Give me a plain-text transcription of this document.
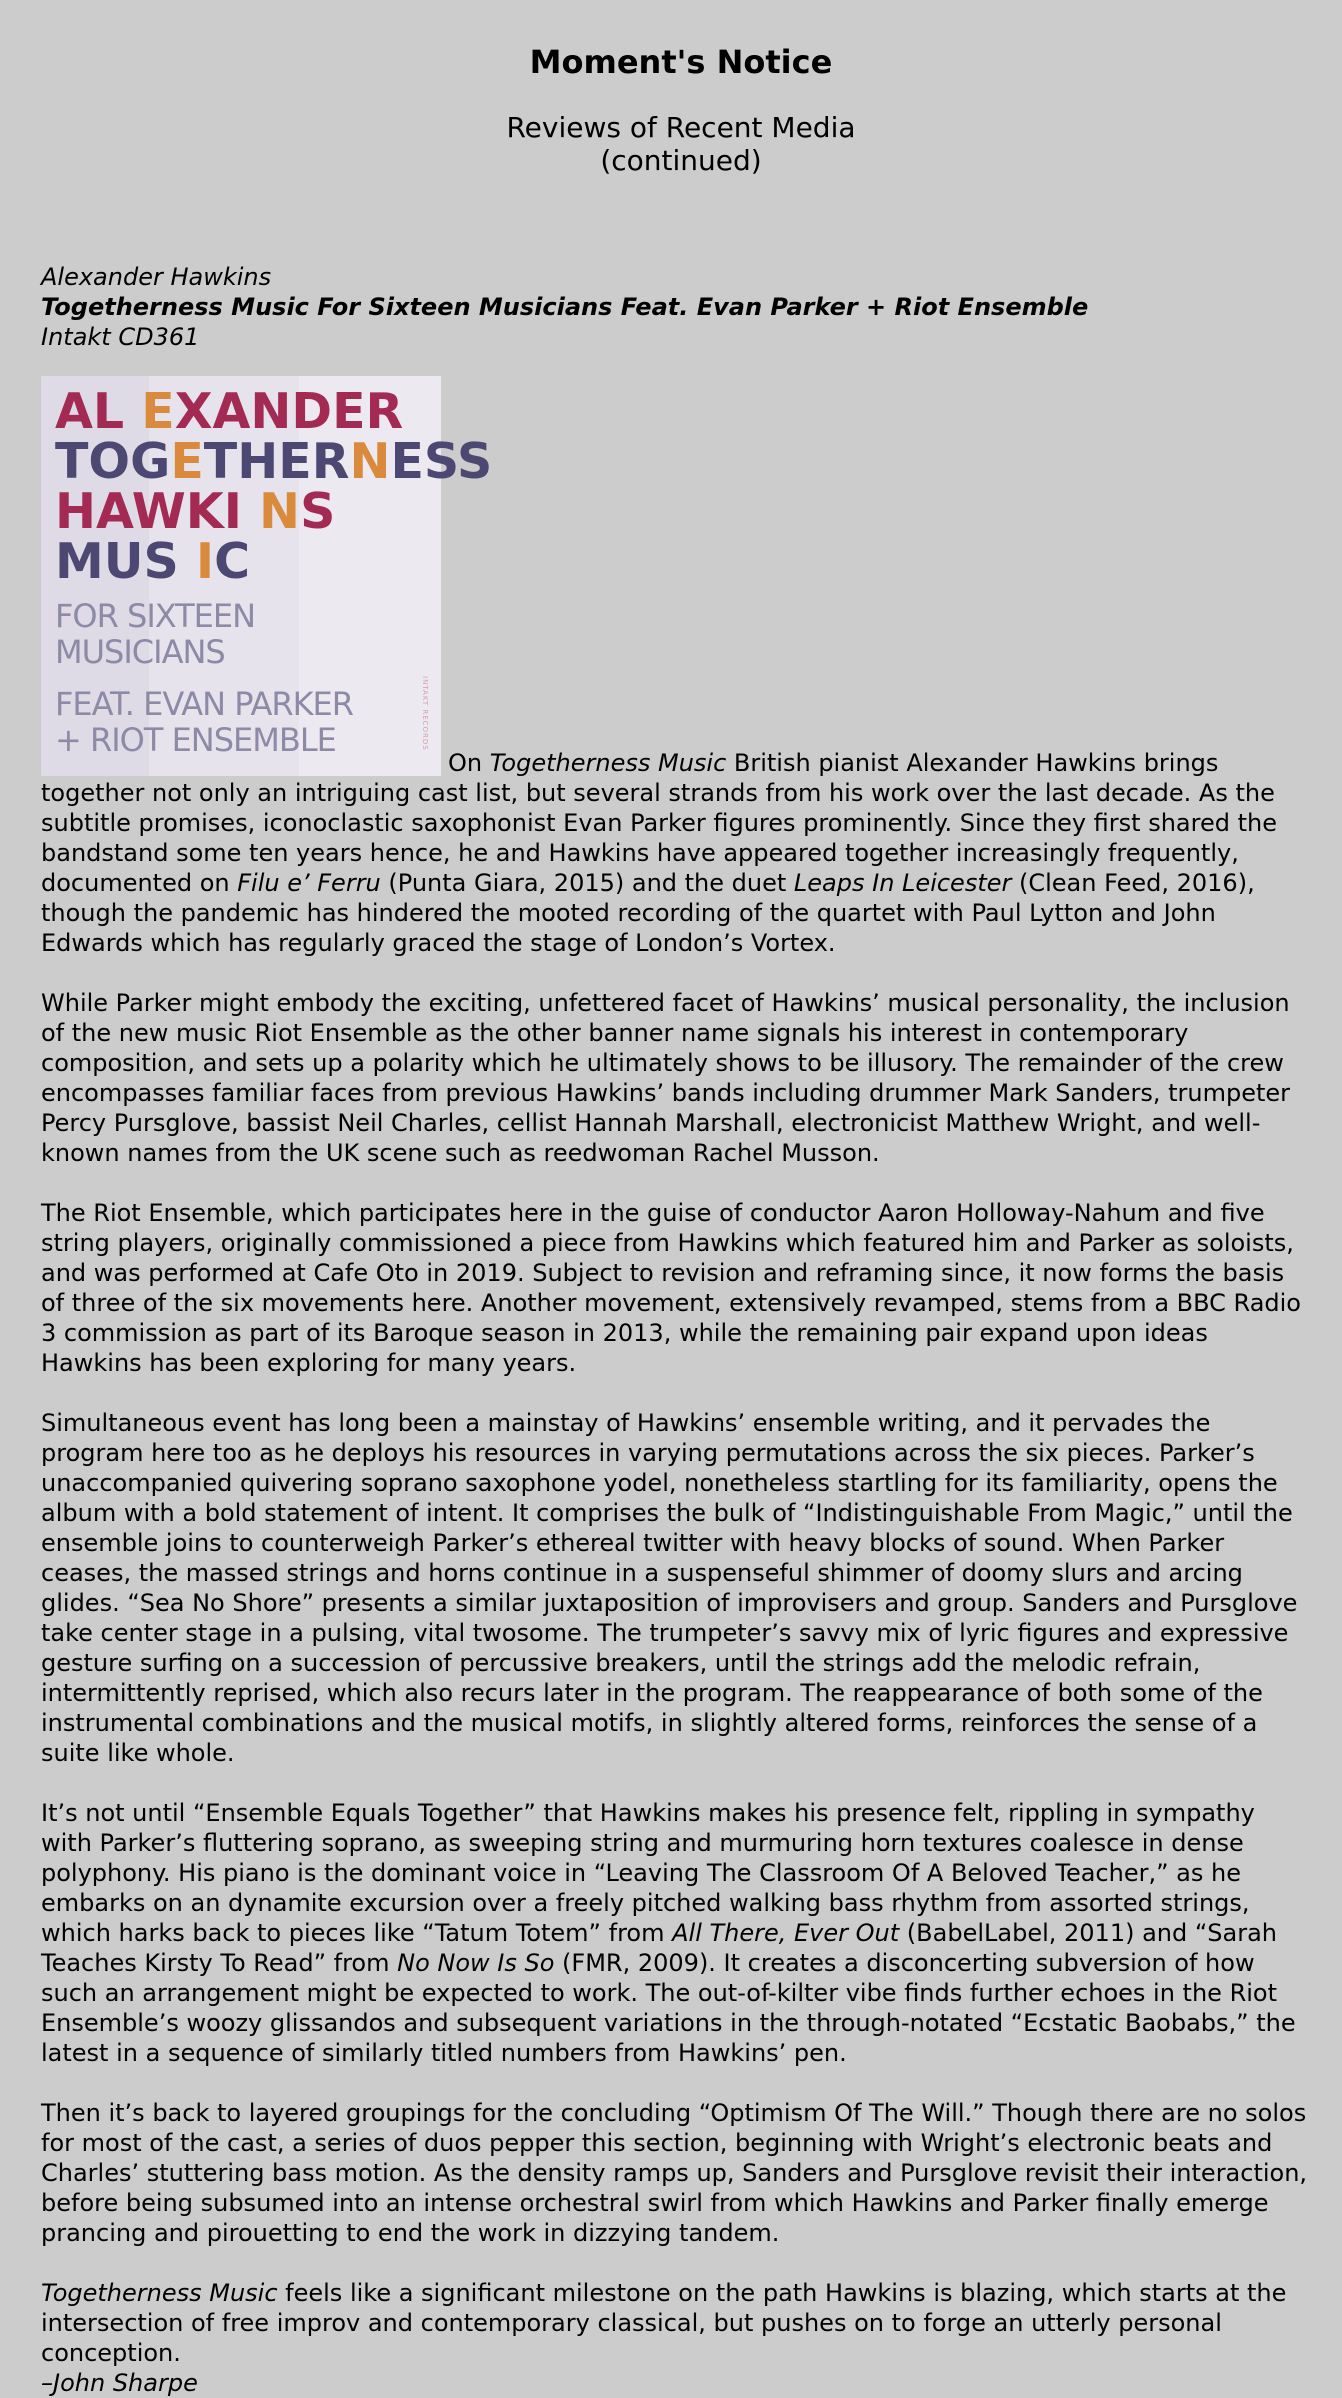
Moment's Notice
Reviews of Recent Media
(continued)
Alexander Hawkins
Togetherness Music For Sixteen Musicians Feat. Evan Parker + Riot Ensemble
Intakt CD361
AL EXANDER
TOGETHERNESS
HAWKI NS
MUS IC
FOR SIXTEEN
MUSICIANS
FEAT. EVAN PARKER
+ RIOT ENSEMBLE	INTAKT RECORDS

On Togetherness Music British pianist Alexander Hawkins brings together not only an intriguing cast list, but several strands from his work over the last decade. As the subtitle promises, iconoclastic saxophonist Evan Parker figures prominently. Since they first shared the bandstand some ten years hence, he and Hawkins have appeared together increasingly frequently, documented on Filu e’ Ferru (Punta Giara, 2015) and the duet Leaps In Leicester (Clean Feed, 2016), though the pandemic has hindered the mooted recording of the quartet with Paul Lytton and John Edwards which has regularly graced the stage of London’s Vortex.

While Parker might embody the exciting, unfettered facet of Hawkins’ musical personality, the inclusion of the new music Riot Ensemble as the other banner name signals his interest in contemporary composition, and sets up a polarity which he ultimately shows to be illusory. The remainder of the crew encompasses familiar faces from previous Hawkins’ bands including drummer Mark Sanders, trumpeter Percy Pursglove, bassist Neil Charles, cellist Hannah Marshall, electronicist Matthew Wright, and well-known names from the UK scene such as reedwoman Rachel Musson.

The Riot Ensemble, which participates here in the guise of conductor Aaron Holloway-Nahum and five string players, originally commissioned a piece from Hawkins which featured him and Parker as soloists, and was performed at Cafe Oto in 2019. Subject to revision and reframing since, it now forms the basis of three of the six movements here. Another movement, extensively revamped, stems from a BBC Radio 3 commission as part of its Baroque season in 2013, while the remaining pair expand upon ideas Hawkins has been exploring for many years.

Simultaneous event has long been a mainstay of Hawkins’ ensemble writing, and it pervades the program here too as he deploys his resources in varying permutations across the six pieces. Parker’s unaccompanied quivering soprano saxophone yodel, nonetheless startling for its familiarity, opens the album with a bold statement of intent. It comprises the bulk of “Indistinguishable From Magic,” until the ensemble joins to counterweigh Parker’s ethereal twitter with heavy blocks of sound. When Parker ceases, the massed strings and horns continue in a suspenseful shimmer of doomy slurs and arcing glides. “Sea No Shore” presents a similar juxtaposition of improvisers and group. Sanders and Pursglove take center stage in a pulsing, vital twosome. The trumpeter’s savvy mix of lyric figures and expressive gesture surfing on a succession of percussive breakers, until the strings add the melodic refrain, intermittently reprised, which also recurs later in the program. The reappearance of both some of the instrumental combinations and the musical motifs, in slightly altered forms, reinforces the sense of a suite like whole.

It’s not until “Ensemble Equals Together” that Hawkins makes his presence felt, rippling in sympathy with Parker’s fluttering soprano, as sweeping string and murmuring horn textures coalesce in dense polyphony. His piano is the dominant voice in “Leaving The Classroom Of A Beloved Teacher,” as he embarks on an dynamite excursion over a freely pitched walking bass rhythm from assorted strings, which harks back to pieces like “Tatum Totem” from All There, Ever Out (BabelLabel, 2011) and “Sarah Teaches Kirsty To Read” from No Now Is So (FMR, 2009). It creates a disconcerting subversion of how such an arrangement might be expected to work. The out-of-kilter vibe finds further echoes in the Riot Ensemble’s woozy glissandos and subsequent variations in the through-notated “Ecstatic Baobabs,” the latest in a sequence of similarly titled numbers from Hawkins’ pen.

Then it’s back to layered groupings for the concluding “Optimism Of The Will.” Though there are no solos for most of the cast, a series of duos pepper this section, beginning with Wright’s electronic beats and Charles’ stuttering bass motion. As the density ramps up, Sanders and Pursglove revisit their interaction, before being subsumed into an intense orchestral swirl from which Hawkins and Parker finally emerge prancing and pirouetting to end the work in dizzying tandem.

Togetherness Music feels like a significant milestone on the path Hawkins is blazing, which starts at the intersection of free improv and contemporary classical, but pushes on to forge an utterly personal conception.
–John Sharpe
